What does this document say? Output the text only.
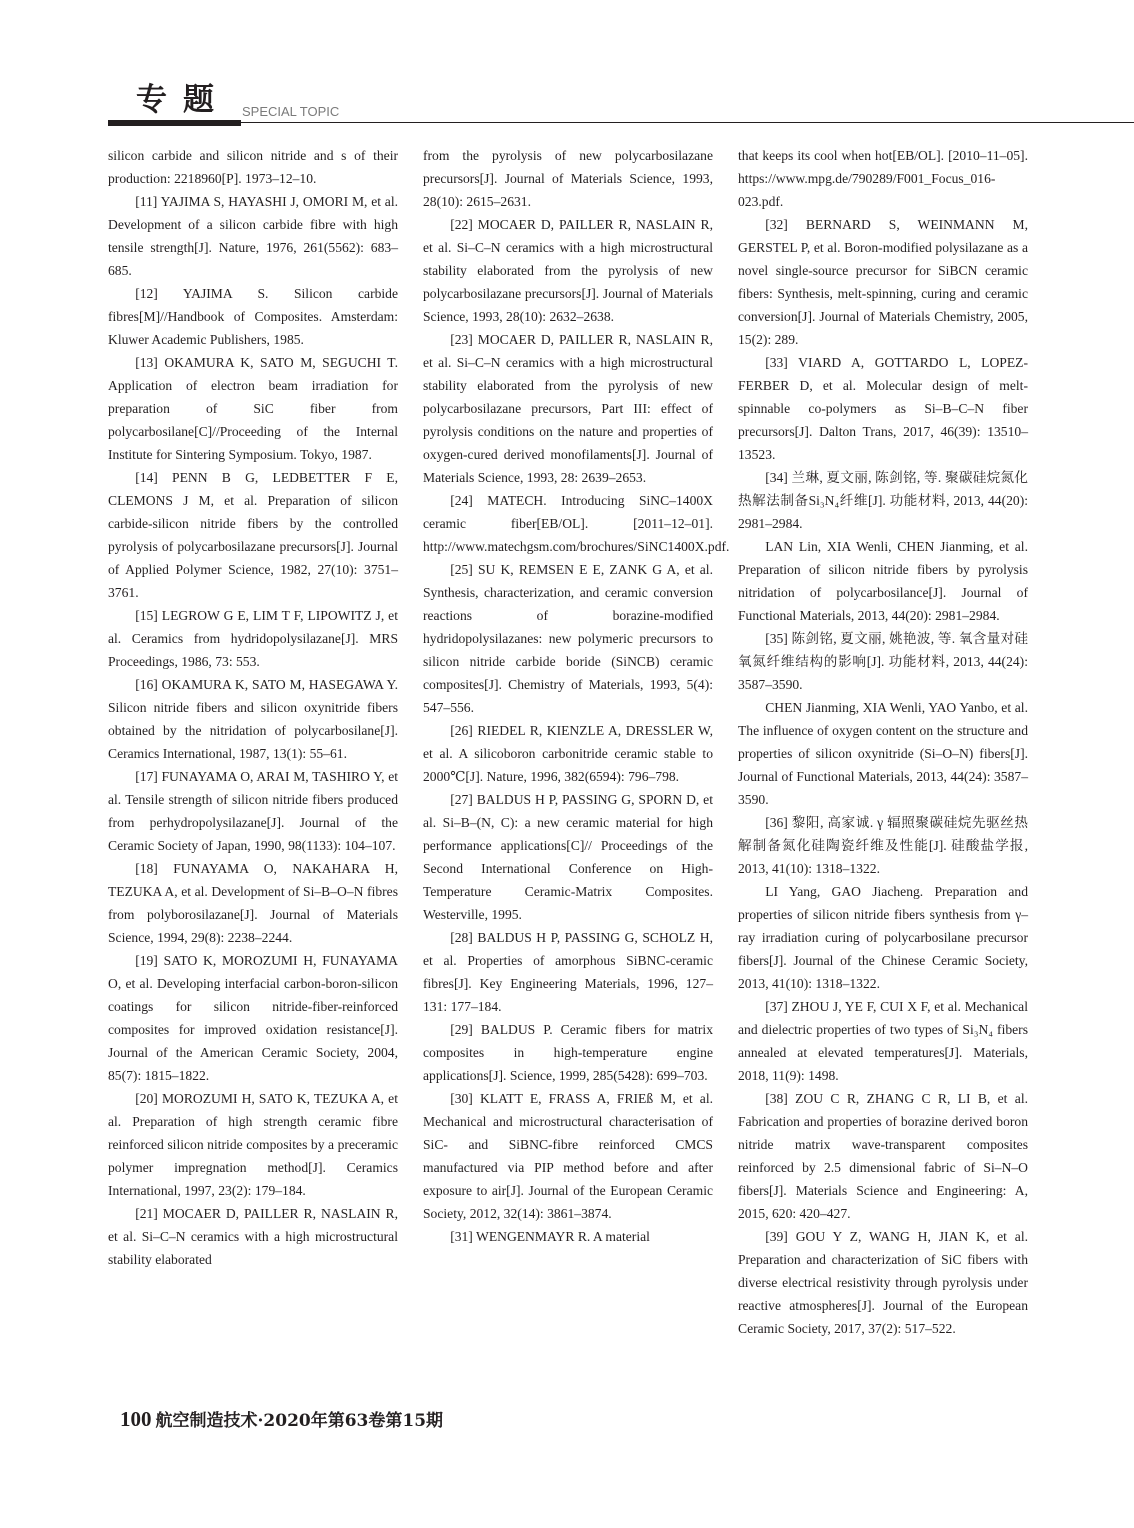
专题 SPECIAL TOPIC

silicon carbide and silicon nitride and s of their production: 2218960[P]. 1973–12–10.

[11] YAJIMA S, HAYASHI J, OMORI M, et al. Development of a silicon carbide fibre with high tensile strength[J]. Nature, 1976, 261(5562): 683–685.

[12] YAJIMA S. Silicon carbide fibres[M]//Handbook of Composites. Amsterdam: Kluwer Academic Publishers, 1985.

[13] OKAMURA K, SATO M, SEGUCHI T. Application of electron beam irradiation for preparation of SiC fiber from polycarbosilane[C]//Proceeding of the Internal Institute for Sintering Symposium. Tokyo, 1987.

[14] PENN B G, LEDBETTER F E, CLEMONS J M, et al. Preparation of silicon carbide-silicon nitride fibers by the controlled pyrolysis of polycarbosilazane precursors[J]. Journal of Applied Polymer Science, 1982, 27(10): 3751–3761.

[15] LEGROW G E, LIM T F, LIPOWITZ J, et al. Ceramics from hydridopolysilazane[J]. MRS Proceedings, 1986, 73: 553.

[16] OKAMURA K, SATO M, HASEGAWA Y. Silicon nitride fibers and silicon oxynitride fibers obtained by the nitridation of polycarbosilane[J]. Ceramics International, 1987, 13(1): 55–61.

[17] FUNAYAMA O, ARAI M, TASHIRO Y, et al. Tensile strength of silicon nitride fibers produced from perhydropolysilazane[J]. Journal of the Ceramic Society of Japan, 1990, 98(1133): 104–107.

[18] FUNAYAMA O, NAKAHARA H, TEZUKA A, et al. Development of Si–B–O–N fibres from polyborosilazane[J]. Journal of Materials Science, 1994, 29(8): 2238–2244.

[19] SATO K, MOROZUMI H, FUNAYAMA O, et al. Developing interfacial carbon-boron-silicon coatings for silicon nitride-fiber-reinforced composites for improved oxidation resistance[J]. Journal of the American Ceramic Society, 2004, 85(7): 1815–1822.

[20] MOROZUMI H, SATO K, TEZUKA A, et al. Preparation of high strength ceramic fibre reinforced silicon nitride composites by a preceramic polymer impregnation method[J]. Ceramics International, 1997, 23(2): 179–184.

[21] MOCAER D, PAILLER R, NASLAIN R, et al. Si–C–N ceramics with a high microstructural stability elaborated

from the pyrolysis of new polycarbosilazane precursors[J]. Journal of Materials Science, 1993, 28(10): 2615–2631.

[22] MOCAER D, PAILLER R, NASLAIN R, et al. Si–C–N ceramics with a high microstructural stability elaborated from the pyrolysis of new polycarbosilazane precursors[J]. Journal of Materials Science, 1993, 28(10): 2632–2638.

[23] MOCAER D, PAILLER R, NASLAIN R, et al. Si–C–N ceramics with a high microstructural stability elaborated from the pyrolysis of new polycarbosilazane precursors, Part III: effect of pyrolysis conditions on the nature and properties of oxygen-cured derived monofilaments[J]. Journal of Materials Science, 1993, 28: 2639–2653.

[24] MATECH. Introducing SiNC–1400X ceramic fiber[EB/OL]. [2011–12–01]. http://www.matechgsm.com/brochures/SiNC1400X.pdf.

[25] SU K, REMSEN E E, ZANK G A, et al. Synthesis, characterization, and ceramic conversion reactions of borazine-modified hydridopolysilazanes: new polymeric precursors to silicon nitride carbide boride (SiNCB) ceramic composites[J]. Chemistry of Materials, 1993, 5(4): 547–556.

[26] RIEDEL R, KIENZLE A, DRESSLER W, et al. A silicoboron carbonitride ceramic stable to 2000℃[J]. Nature, 1996, 382(6594): 796–798.

[27] BALDUS H P, PASSING G, SPORN D, et al. Si–B–(N, C): a new ceramic material for high performance applications[C]// Proceedings of the Second International Conference on High-Temperature Ceramic-Matrix Composites. Westerville, 1995.

[28] BALDUS H P, PASSING G, SCHOLZ H, et al. Properties of amorphous SiBNC-ceramic fibres[J]. Key Engineering Materials, 1996, 127–131: 177–184.

[29] BALDUS P. Ceramic fibers for matrix composites in high-temperature engine applications[J]. Science, 1999, 285(5428): 699–703.

[30] KLATT E, FRASS A, FRIEß M, et al. Mechanical and microstructural characterisation of SiC- and SiBNC-fibre reinforced CMCS manufactured via PIP method before and after exposure to air[J]. Journal of the European Ceramic Society, 2012, 32(14): 3861–3874.

[31] WENGENMAYR R. A material

that keeps its cool when hot[EB/OL]. [2010–11–05]. https://www.mpg.de/790289/F001_Focus_016-023.pdf.

[32] BERNARD S, WEINMANN M, GERSTEL P, et al. Boron-modified polysilazane as a novel single-source precursor for SiBCN ceramic fibers: Synthesis, melt-spinning, curing and ceramic conversion[J]. Journal of Materials Chemistry, 2005, 15(2): 289.

[33] VIARD A, GOTTARDO L, LOPEZ-FERBER D, et al. Molecular design of melt-spinnable co-polymers as Si–B–C–N fiber precursors[J]. Dalton Trans, 2017, 46(39): 13510–13523.

[34] 兰琳, 夏文丽, 陈剑铭, 等. 聚碳硅烷氮化热解法制备Si₃N₄纤维[J]. 功能材料, 2013, 44(20): 2981–2984.

LAN Lin, XIA Wenli, CHEN Jianming, et al. Preparation of silicon nitride fibers by pyrolysis nitridation of polycarbosilance[J]. Journal of Functional Materials, 2013, 44(20): 2981–2984.

[35] 陈剑铭, 夏文丽, 姚艳波, 等. 氧含量对硅氧氮纤维结构的影响[J]. 功能材料, 2013, 44(24): 3587–3590.

CHEN Jianming, XIA Wenli, YAO Yanbo, et al. The influence of oxygen content on the structure and properties of silicon oxynitride (Si–O–N) fibers[J]. Journal of Functional Materials, 2013, 44(24): 3587–3590.

[36] 黎阳, 高家诚. γ 辐照聚碳硅烷先驱丝热解制备氮化硅陶瓷纤维及性能[J]. 硅酸盐学报, 2013, 41(10): 1318–1322.

LI Yang, GAO Jiacheng. Preparation and properties of silicon nitride fibers synthesis from γ–ray irradiation curing of polycarbosilane precursor fibers[J]. Journal of the Chinese Ceramic Society, 2013, 41(10): 1318–1322.

[37] ZHOU J, YE F, CUI X F, et al. Mechanical and dielectric properties of two types of Si₃N₄ fibers annealed at elevated temperatures[J]. Materials, 2018, 11(9): 1498.

[38] ZOU C R, ZHANG C R, LI B, et al. Fabrication and properties of borazine derived boron nitride matrix wave-transparent composites reinforced by 2.5 dimensional fabric of Si–N–O fibers[J]. Materials Science and Engineering: A, 2015, 620: 420–427.

[39] GOU Y Z, WANG H, JIAN K, et al. Preparation and characterization of SiC fibers with diverse electrical resistivity through pyrolysis under reactive atmospheres[J]. Journal of the European Ceramic Society, 2017, 37(2): 517–522.

100 航空制造技术·2020年第63卷第15期
